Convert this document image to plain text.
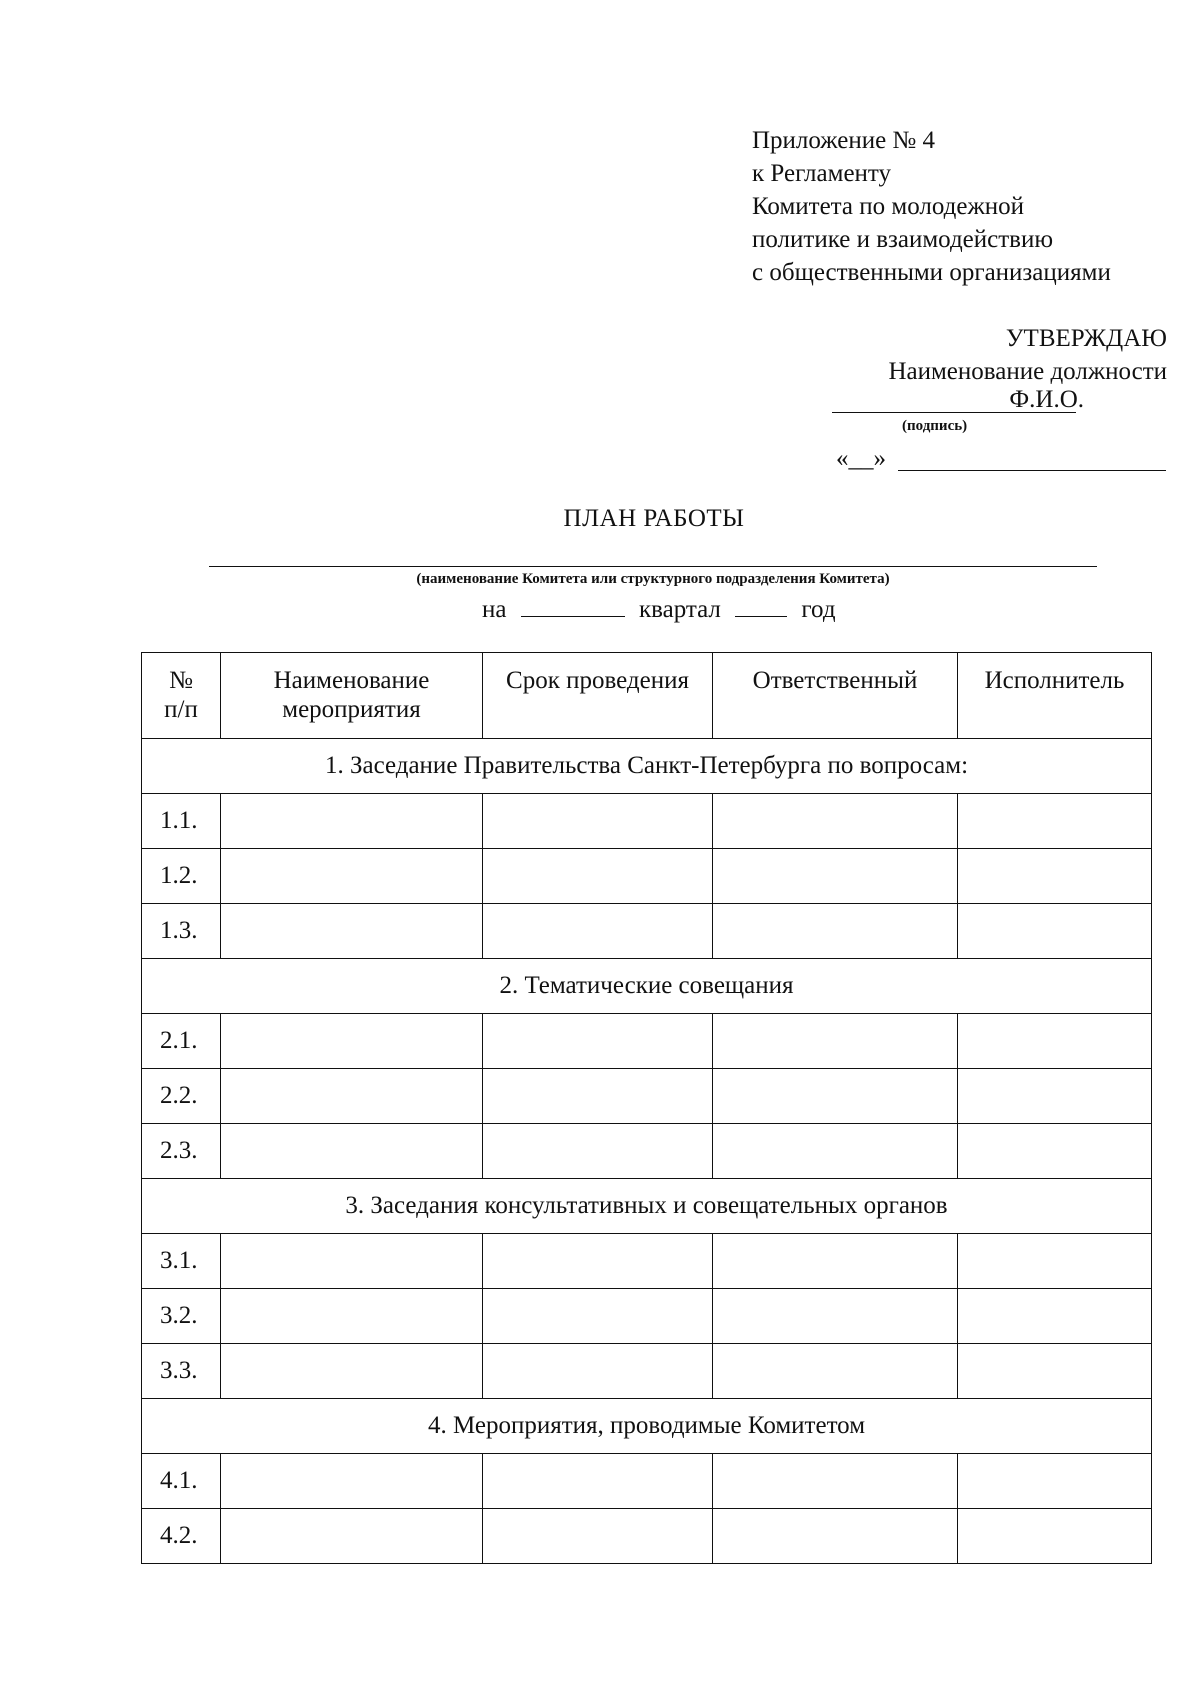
Приложение № 4
к Регламенту
Комитета по молодежной
политике и взаимодействию
с общественными организациями
УТВЕРЖДАЮ
Наименование должности
Ф.И.О.
(подпись)
«__»
ПЛАН РАБОТЫ
(наименование Комитета или структурного подразделения Комитета)
на	квартал	год
№ п/п	Наименование мероприятия	Срок проведения	Ответственный	Исполнитель
1. Заседание Правительства Санкт-Петербурга по вопросам:				
1.1.				
1.2.				
1.3.				
2. Тематические совещания				
2.1.				
2.2.				
2.3.				
3. Заседания консультативных и совещательных органов				
3.1.				
3.2.				
3.3.				
4. Мероприятия, проводимые Комитетом				
4.1.				
4.2.				
